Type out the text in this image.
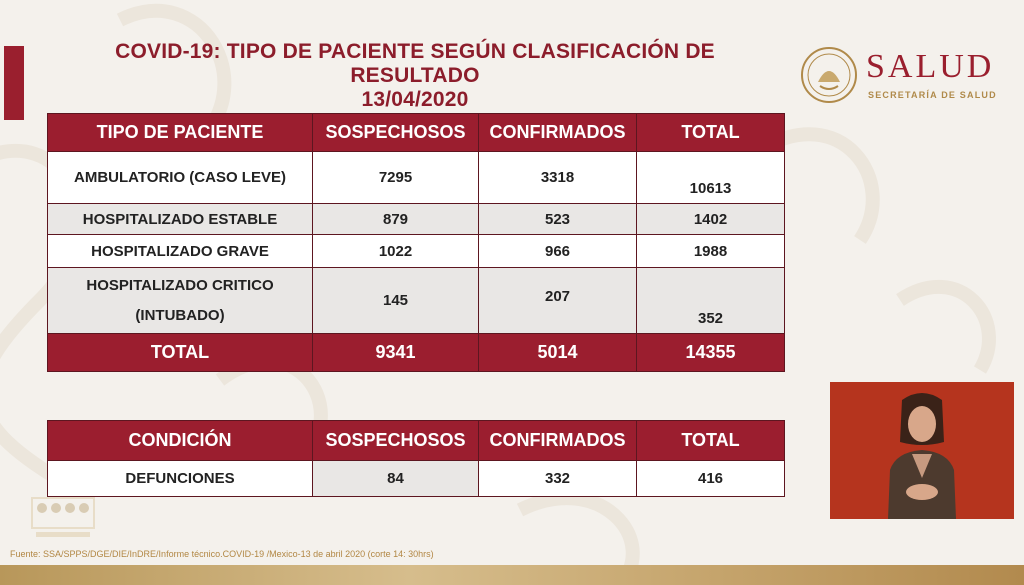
COVID-19: TIPO DE PACIENTE SEGÚN CLASIFICACIÓN DE
RESULTADO
13/04/2020
SALUD
SECRETARÍA DE SALUD
TIPO DE PACIENTE	SOSPECHOSOS	CONFIRMADOS	TOTAL
AMBULATORIO (CASO LEVE)	7295	3318	10613
HOSPITALIZADO ESTABLE	879	523	1402
HOSPITALIZADO GRAVE	1022	966	1988

HOSPITALIZADO CRITICO
(INTUBADO)	145	207	352
TOTAL	9341	5014	14355
CONDICIÓN	SOSPECHOSOS	CONFIRMADOS	TOTAL
DEFUNCIONES	84	332	416
Fuente: SSA/SPPS/DGE/DIE/InDRE/Informe técnico.COVID-19 /Mexico-13 de abril 2020 (corte 14: 30hrs)
